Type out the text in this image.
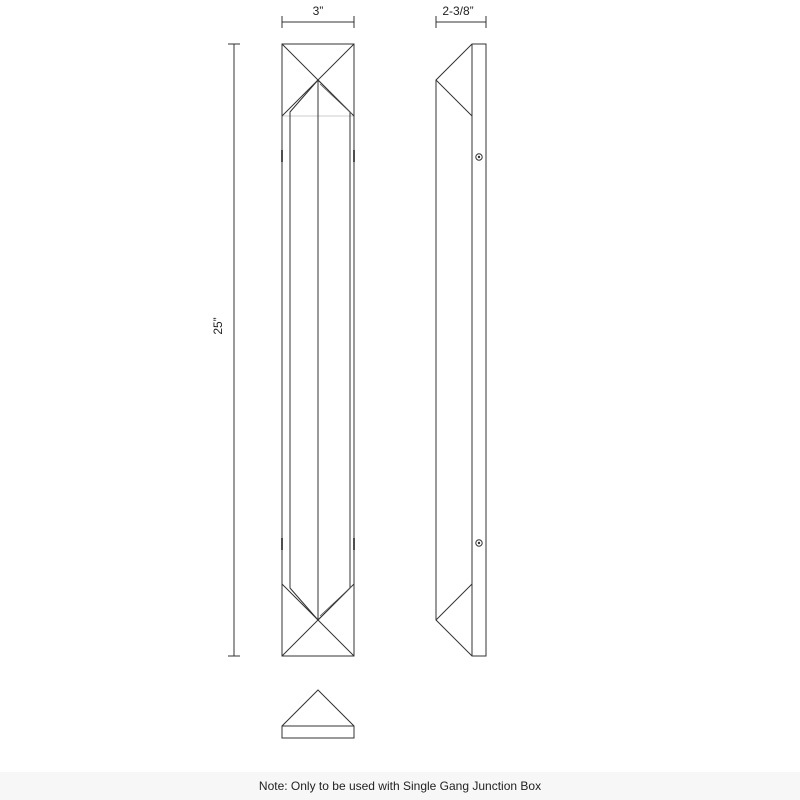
3”	2-3/8”
25”
Note: Only to be used with Single Gang Junction Box
